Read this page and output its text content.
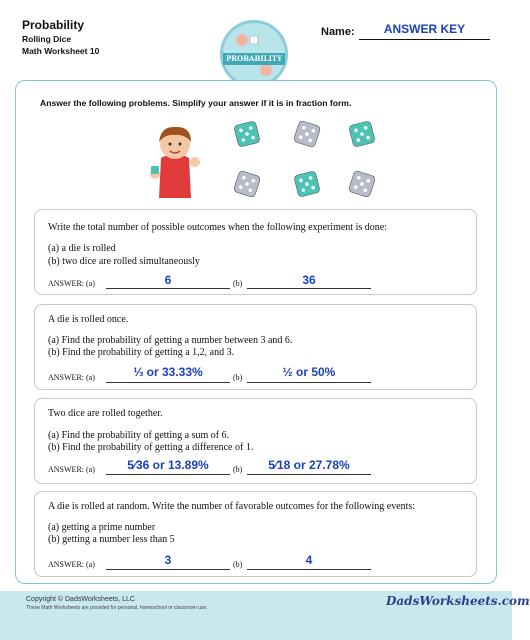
Probability
Rolling Dice
Math Worksheet 10
PROBABILITY
Name:	ANSWER KEY
Answer the following problems. Simplify your answer if it is in fraction form.
Write the total number of possible outcomes when the following experiment is done:
(a) a die is rolled
(b) two dice are rolled simultaneously
ANSWER: (a)	6	(b)	36
A die is rolled once.
(a) Find the probability of getting a number between 3 and 6.
(b) Find the probability of getting a 1,2, and 3.
ANSWER: (a)	⅓ or 33.33%	(b)	½ or 50%
Two dice are rolled together.
(a) Find the probability of getting a sum of 6.
(b) Find the probability of getting a difference of 1.
ANSWER: (a)	5⁄36 or 13.89%	(b)	5⁄18 or 27.78%
A die is rolled at random. Write the number of favorable outcomes for the following events:
(a) getting a prime number
(b) getting a number less than 5
ANSWER: (a)	3	(b)	4
Copyright © DadsWorksheets, LLC
These Math Worksheets are provided for personal, homeschool or classroom use.	DadsWorksheets.com
